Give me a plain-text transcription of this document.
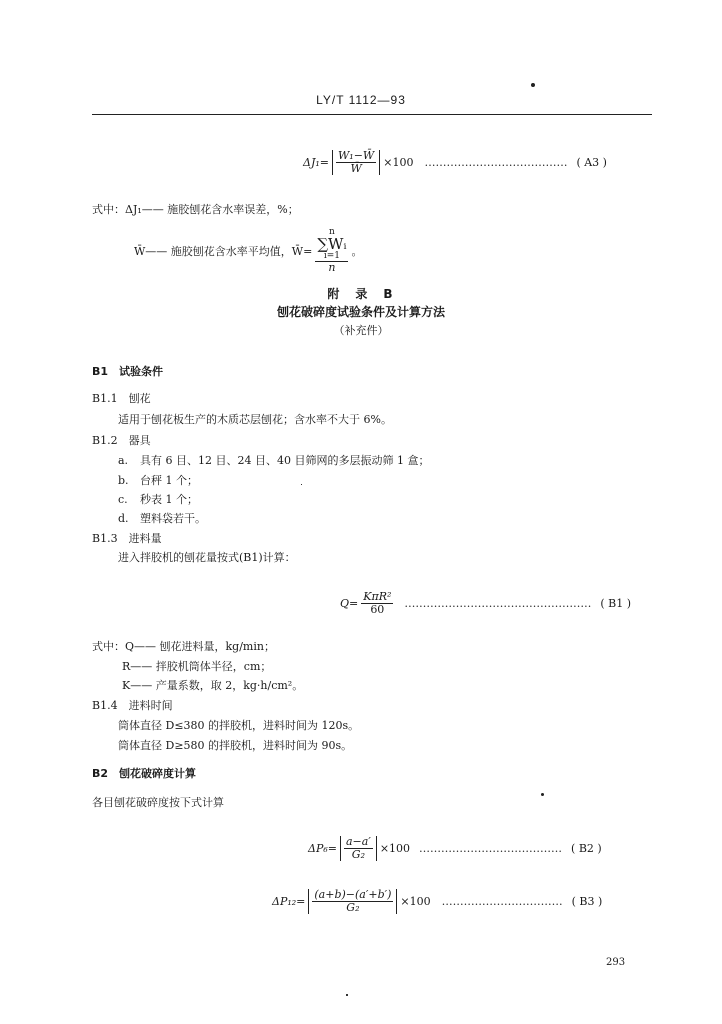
LY/T 1112—93
$\Delta J_1= \frac{\text{W₁−W̄}}{W̄} \times 100$ ………………………………… ( A3 )
式中：ΔJ₁—— 施胶刨花含水率误差，%；
W̄—— 施胶刨花含水率平均值，W̄= n
∑Wᵢ
i=1
n 。
附　录　B
刨花破碎度试验条件及计算方法
（补充件）
B1　试验条件
B1.1　刨花
适用于刨花板生产的木质芯层刨花；含水率不大于 6%。
B1.2　器具
a. 具有 6 目、12 目、24 目、40 目筛网的多层振动筛 1 盒；
b. 台秤 1 个；
c. 秒表 1 个；
d. 塑料袋若干。
B1.3　进料量
进入拌胶机的刨花量按式(B1)计算：
$Q= \frac{\text{KπR²}}{60}$ …………………………………………… ( B1 )
式中：Q—— 刨花进料量，kg/min；
R—— 拌胶机筒体半径，cm；
K—— 产量系数，取 2，kg·h/cm²。
B1.4　进料时间
筒体直径 D≤380 的拌胶机，进料时间为 120s。
筒体直径 D≥580 的拌胶机，进料时间为 90s。
B2　刨花破碎度计算
各目刨花破碎度按下式计算
$\Delta P_6= \frac{a-a'}{\text{G₂}} \times 100$ ………………………………… ( B2 )
$\Delta P_{12}= \frac{(a+b)-(a'+b')}{\text{G₂}} \times 100$ …………………………… ( B3 )
293
